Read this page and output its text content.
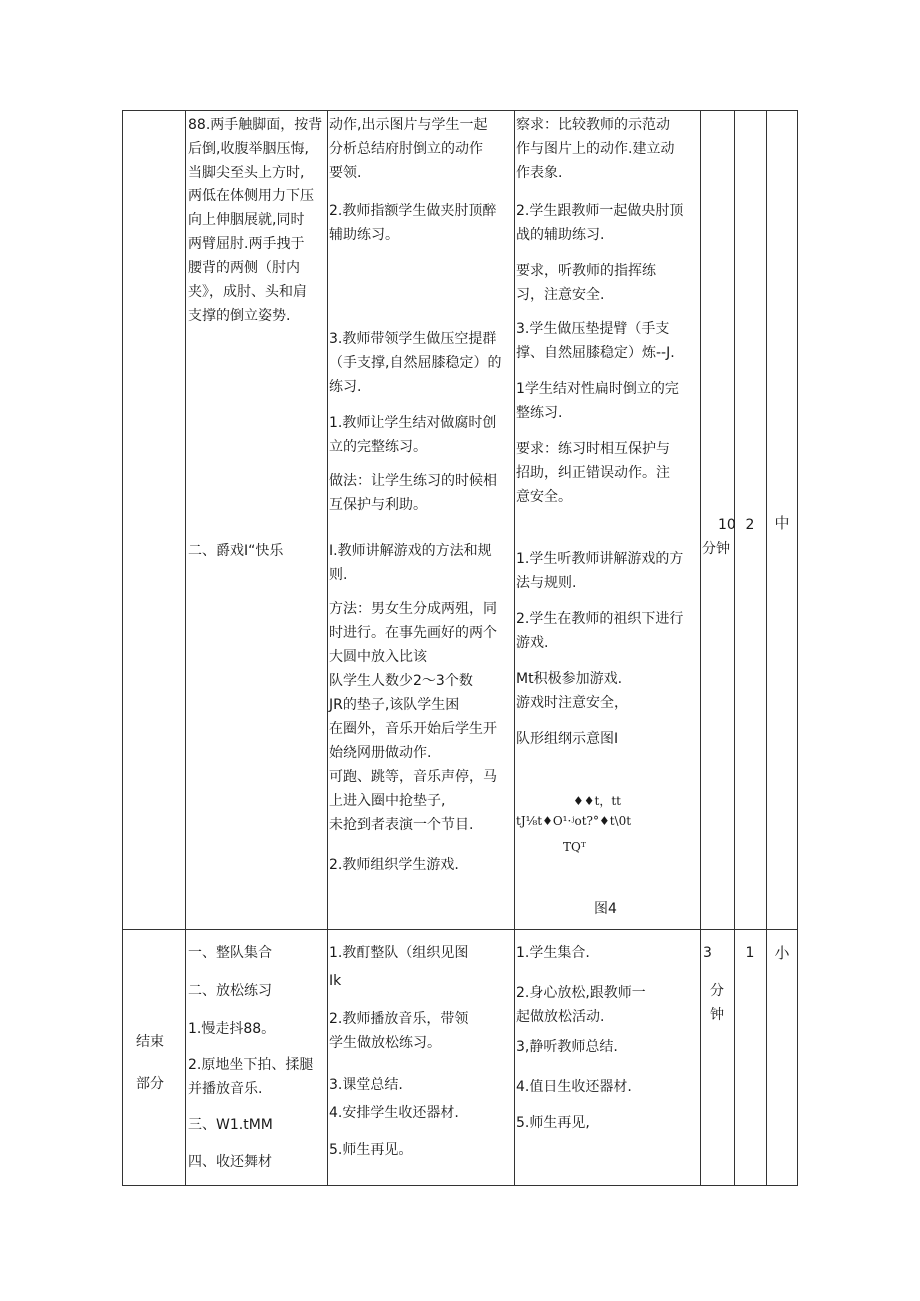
88.两手触脚面，按背
后倒,收腹举胭压悔,
当脚尖至头上方时,
两低在体侧用力下压
向上伸胭展就,同时
两臂屈肘.两手拽于
腰背的两侧（肘内
夹》，成肘、头和肩
支撑的倒立姿势.
二、爵戏I“快乐
动作,出示图片与学生一起
分析总结府肘倒立的动作
要领.
2.教师指额学生做夹肘顶醉
辅助练习。
3.教师带领学生做压空提群
（手支撑,自然屈膝稳定）的
练习.
1.教师让学生结对做腐时创
立的完整练习。
做法：让学生练习的时候相
互保护与利助。
I.教师讲解游戏的方法和规
则.
方法：男女生分成两殂，同
时进行。在事先画好的两个
大圆中放入比该
队学生人数少2～3个数
JR的垫子,该队学生困
在圈外，音乐开始后学生开
始绕网册做动作.
可跑、跳等，音乐声停，马
上进入圈中抢垫子,
未抢到者表演一个节目.
2.教师组织学生游戏.
察求：比较教师的示范动
作与图片上的动作.建立动
作表象.
2.学生跟教师一起做央肘顶
战的辅助练习.
要求，听教师的指挥练
习，注意安全.
3.学生做压垫提臂（手支
撑、自然屈膝稳定）炼--J.
1学生结对性扁时倒立的完
整练习.
要求：练习时相互保护与
招助，纠正错误动作。注
意安全。
1.学生听教师讲解游戏的方
法与规则.
2.学生在教师的祖织下进行
游戏.
Mt积极参加游戏.
游戏时注意安全，
队形组纲示意图I
♦♦t，tt
tJ⅛t♦O¹·ʲot?°♦t\0t
TQᵀ
图4
10
分钟
2	中
结束
部分
一、整队集合
二、放松练习
1.慢走抖88。
2.原地坐下拍、揉腿
并播放音乐.
三、W1.tMM
四、收还舞材
1.教酊整队（组织见图
Ik
2.教师播放音乐，带领
学生做放松练习。
3.课堂总结.
4.安排学生收还器材.
5.师生再见。
1.学生集合.
2.身心放松,跟教师一
起做放松活动.
3,静听教师总结.
4.值日生收还器材.
5.师生再见,
3
分
钟
1	小
